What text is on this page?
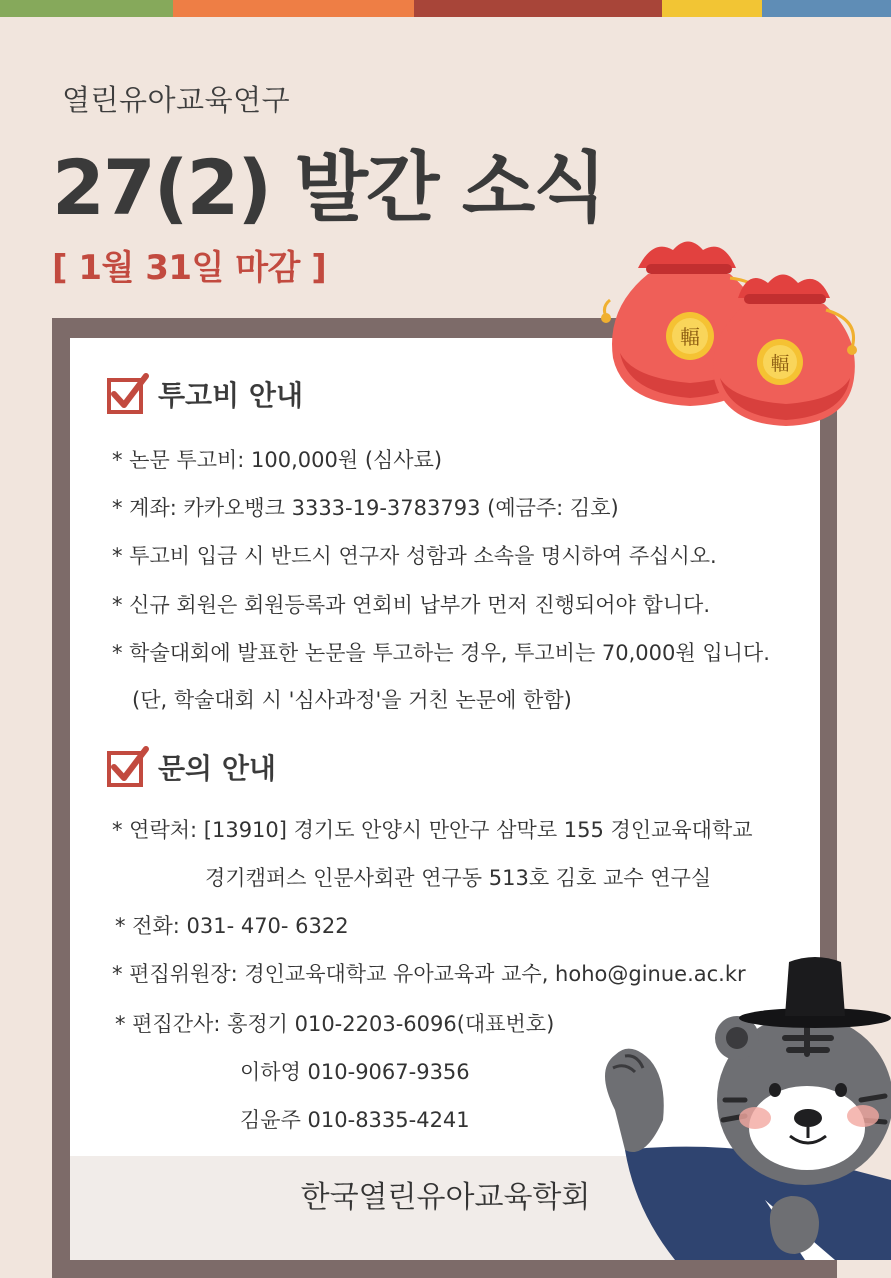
열린유아교육연구
27(2) 발간 소식
[ 1월 31일 마감 ]
輻
輻
투고비 안내
* 논문 투고비: 100,000원 (심사료)
* 계좌: 카카오뱅크 3333-19-3783793 (예금주: 김호)
* 투고비 입금 시 반드시 연구자 성함과 소속을 명시하여 주십시오.
* 신규 회원은 회원등록과 연회비 납부가 먼저 진행되어야 합니다.
* 학술대회에 발표한 논문을 투고하는 경우, 투고비는 70,000원 입니다.
(단, 학술대회 시 '심사과정'을 거친 논문에 한함)
문의 안내
* 연락처: [13910] 경기도 안양시 만안구 삼막로 155 경인교육대학교
경기캠퍼스 인문사회관 연구동 513호 김호 교수 연구실
* 전화: 031- 470- 6322
* 편집위원장: 경인교육대학교 유아교육과 교수, hoho@ginue.ac.kr
* 편집간사: 홍정기 010-2203-6096(대표번호)
이하영 010-9067-9356
김윤주 010-8335-4241
한국열린유아교육학회
